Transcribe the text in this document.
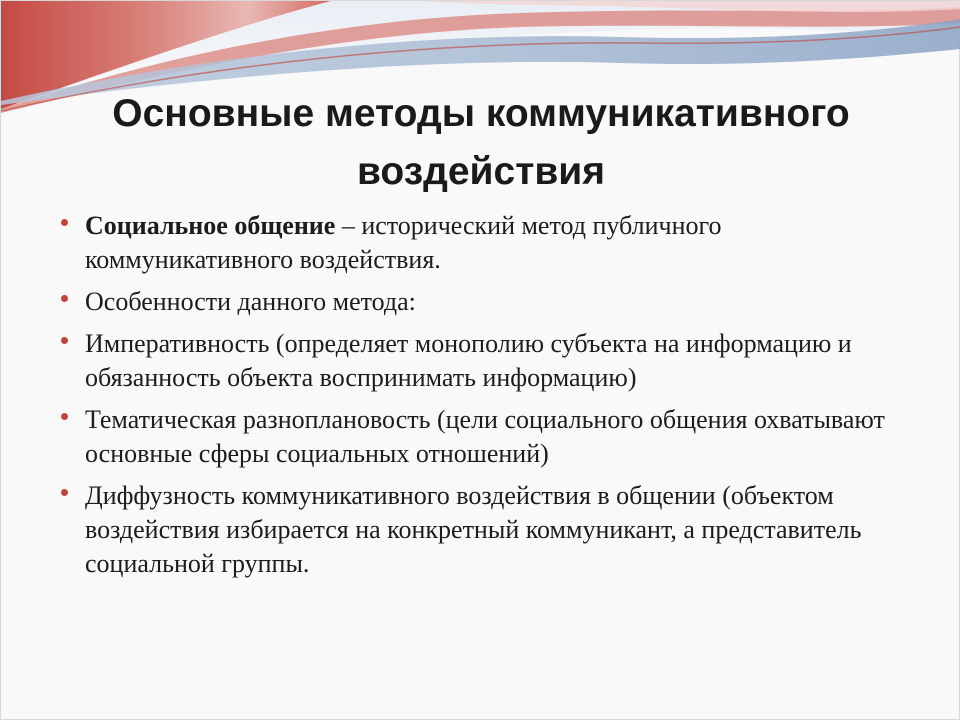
Основные методы коммуникативного
воздействия
Социальное общение – исторический метод публичного коммуникативного воздействия.
Особенности данного метода:
Императивность (определяет монополию субъекта на информацию и обязанность объекта воспринимать информацию)
Тематическая разноплановость (цели социального общения охватывают основные сферы социальных отношений)
Диффузность коммуникативного воздействия в общении (объектом воздействия избирается на конкретный коммуникант, а представитель социальной группы.
